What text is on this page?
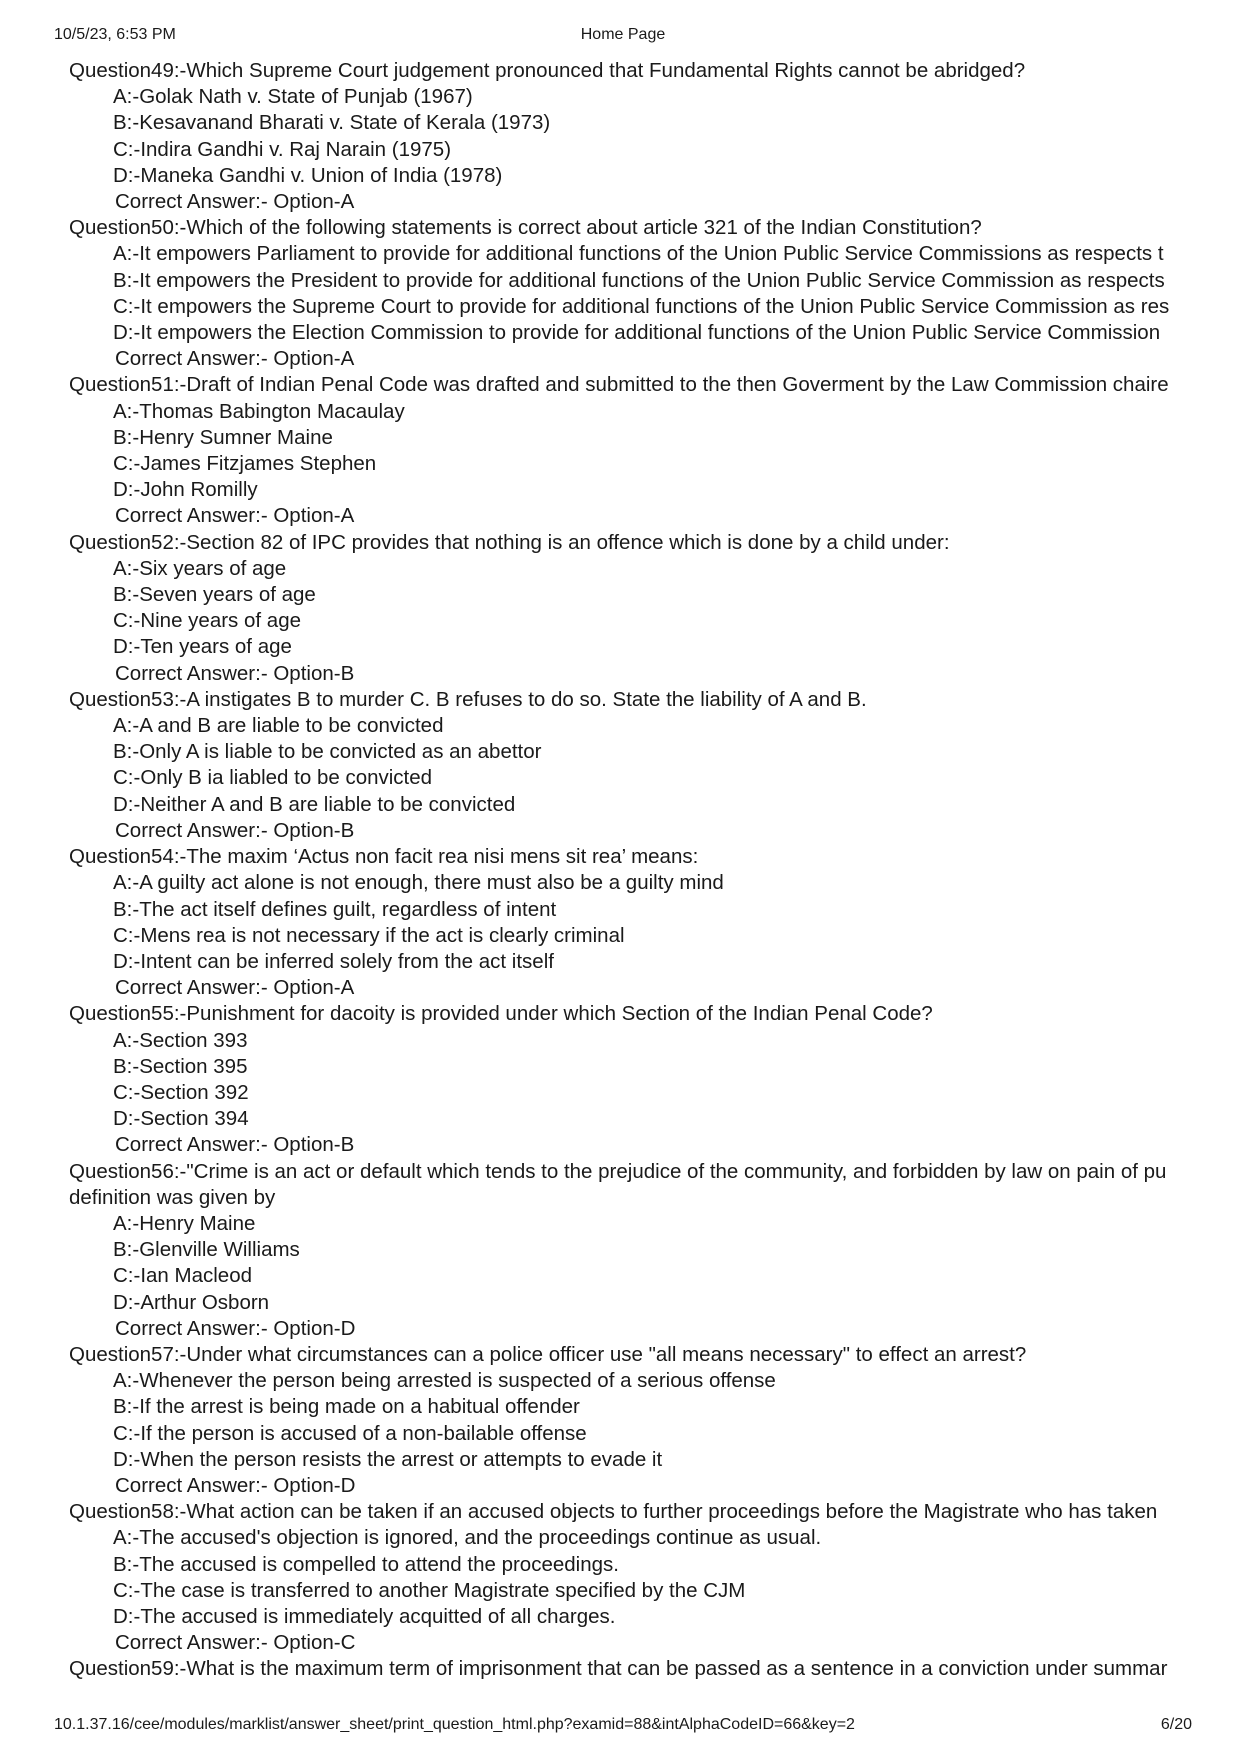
10/5/23, 6:53 PM	Home Page
Question49:-Which Supreme Court judgement pronounced that Fundamental Rights cannot be abridged?
A:-Golak Nath v. State of Punjab (1967)
B:-Kesavanand Bharati v. State of Kerala (1973)
C:-Indira Gandhi v. Raj Narain (1975)
D:-Maneka Gandhi v. Union of India (1978)
Correct Answer:- Option-A
Question50:-Which of the following statements is correct about article 321 of the Indian Constitution?
A:-It empowers Parliament to provide for additional functions of the Union Public Service Commissions as respects t
B:-It empowers the President to provide for additional functions of the Union Public Service Commission as respects
C:-It empowers the Supreme Court to provide for additional functions of the Union Public Service Commission as res
D:-It empowers the Election Commission to provide for additional functions of the Union Public Service Commission
Correct Answer:- Option-A
Question51:-Draft of Indian Penal Code was drafted and submitted to the then Goverment by the Law Commission chaire
A:-Thomas Babington Macaulay
B:-Henry Sumner Maine
C:-James Fitzjames Stephen
D:-John Romilly
Correct Answer:- Option-A
Question52:-Section 82 of IPC provides that nothing is an offence which is done by a child under:
A:-Six years of age
B:-Seven years of age
C:-Nine years of age
D:-Ten years of age
Correct Answer:- Option-B
Question53:-A instigates B to murder C. B refuses to do so. State the liability of A and B.
A:-A and B are liable to be convicted
B:-Only A is liable to be convicted as an abettor
C:-Only B ia liabled to be convicted
D:-Neither A and B are liable to be convicted
Correct Answer:- Option-B
Question54:-The maxim ‘Actus non facit rea nisi mens sit rea’ means:
A:-A guilty act alone is not enough, there must also be a guilty mind
B:-The act itself defines guilt, regardless of intent
C:-Mens rea is not necessary if the act is clearly criminal
D:-Intent can be inferred solely from the act itself
Correct Answer:- Option-A
Question55:-Punishment for dacoity is provided under which Section of the Indian Penal Code?
A:-Section 393
B:-Section 395
C:-Section 392
D:-Section 394
Correct Answer:- Option-B
Question56:-"Crime is an act or default which tends to the prejudice of the community, and forbidden by law on pain of pu
definition was given by
A:-Henry Maine
B:-Glenville Williams
C:-Ian Macleod
D:-Arthur Osborn
Correct Answer:- Option-D
Question57:-Under what circumstances can a police officer use "all means necessary" to effect an arrest?
A:-Whenever the person being arrested is suspected of a serious offense
B:-If the arrest is being made on a habitual offender
C:-If the person is accused of a non-bailable offense
D:-When the person resists the arrest or attempts to evade it
Correct Answer:- Option-D
Question58:-What action can be taken if an accused objects to further proceedings before the Magistrate who has taken
A:-The accused's objection is ignored, and the proceedings continue as usual.
B:-The accused is compelled to attend the proceedings.
C:-The case is transferred to another Magistrate specified by the CJM
D:-The accused is immediately acquitted of all charges.
Correct Answer:- Option-C
Question59:-What is the maximum term of imprisonment that can be passed as a sentence in a conviction under summar
10.1.37.16/cee/modules/marklist/answer_sheet/print_question_html.php?examid=88&intAlphaCodeID=66&key=2	6/20
